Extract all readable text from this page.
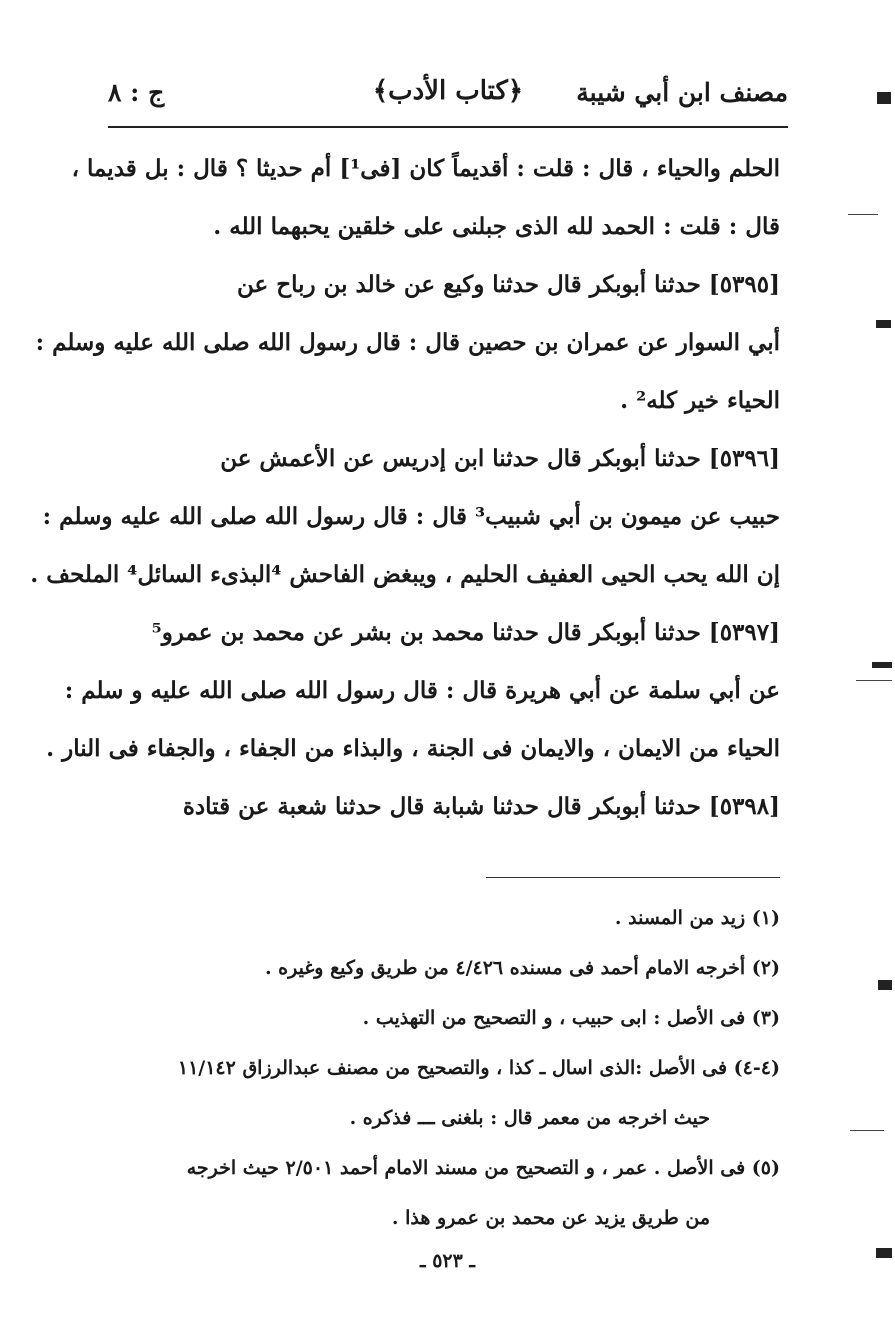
مصنف ابن أبي شيبة
﴿كتاب الأدب﴾
ج : ٨
الحلم والحياء ، قال : قلت : أقديماً كان [فى¹] أم حديثا ؟ قال : بل قديما ،
قال : قلت : الحمد لله الذى جبلنى على خلقين يحبهما الله .
[٥٣٩٥] حدثنا أبوبكر قال حدثنا وكيع عن خالد بن رباح عن
أبي السوار عن عمران بن حصين قال : قال رسول الله صلى الله عليه وسلم :
الحياء خير كله² .
[٥٣٩٦] حدثنا أبوبكر قال حدثنا ابن إدريس عن الأعمش عن
حبيب عن ميمون بن أبي شبيب³ قال : قال رسول الله صلى الله عليه وسلم :
إن الله يحب الحيى العفيف الحليم ، ويبغض الفاحش ⁴البذىء السائل⁴ الملحف .
[٥٣٩٧] حدثنا أبوبكر قال حدثنا محمد بن بشر عن محمد بن عمرو⁵
عن أبي سلمة عن أبي هريرة قال : قال رسول الله صلى الله عليه و سلم :
الحياء من الايمان ، والايمان فى الجنة ، والبذاء من الجفاء ، والجفاء فى النار .
[٥٣٩٨] حدثنا أبوبكر قال حدثنا شبابة قال حدثنا شعبة عن قتادة
(١) زيد من المسند .
(٢) أخرجه الامام أحمد فى مسنده ٤/٤٢٦ من طريق وكيع وغيره .
(٣) فى الأصل : ابى حبيب ، و التصحيح من التهذيب .
(٤-٤) فى الأصل :الذى اسال ـ كذا ، والتصحيح من مصنف عبدالرزاق ١١/١٤٢
حيث اخرجه من معمر قال : بلغنى ـــ فذكره .
(٥) فى الأصل . عمر ، و التصحيح من مسند الامام أحمد ٢/٥٠١ حيث اخرجه
من طريق يزيد عن محمد بن عمرو هذا .
ـ ٥٢٣ ـ
